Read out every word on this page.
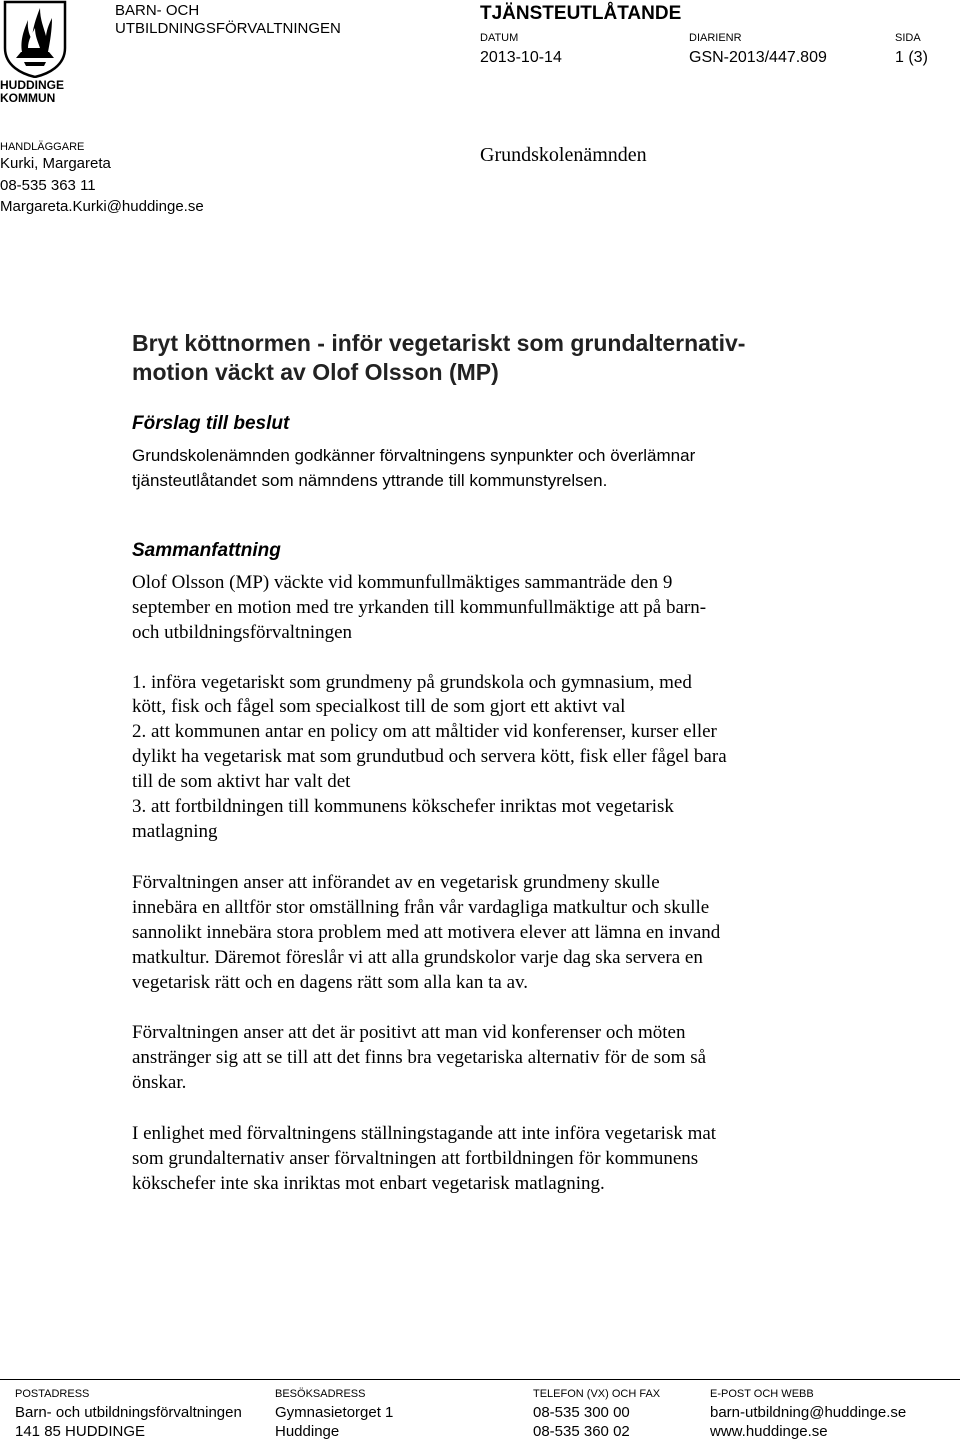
HUDDINGE
KOMMUN
BARN- OCH
UTBILDNINGSFÖRVALTNINGEN
TJÄNSTEUTLÅTANDE
DATUM
2013-10-14
DIARIENR
GSN-2013/447.809
SIDA
1 (3)
HANDLÄGGARE
Kurki, Margareta
08-535 363 11
Margareta.Kurki@huddinge.se
Grundskolenämnden
Bryt köttnormen - inför vegetariskt som grundalternativ-
motion väckt av Olof Olsson (MP)
Förslag till beslut
Grundskolenämnden godkänner förvaltningens synpunkter och överlämnar
tjänsteutlåtandet som nämndens yttrande till kommunstyrelsen.
Sammanfattning
Olof Olsson (MP) väckte vid kommunfullmäktiges sammanträde den 9
september en motion med tre yrkanden till kommunfullmäktige att på barn-
och utbildningsförvaltningen
1. införa vegetariskt som grundmeny på grundskola och gymnasium, med
kött, fisk och fågel som specialkost till de som gjort ett aktivt val
2. att kommunen antar en policy om att måltider vid konferenser, kurser eller
dylikt ha vegetarisk mat som grundutbud och servera kött, fisk eller fågel bara
till de som aktivt har valt det
3. att fortbildningen till kommunens kökschefer inriktas mot vegetarisk
matlagning
Förvaltningen anser att införandet av en vegetarisk grundmeny skulle
innebära en alltför stor omställning från vår vardagliga matkultur och skulle
sannolikt innebära stora problem med att motivera elever att lämna en invand
matkultur. Däremot föreslår vi att alla grundskolor varje dag ska servera en
vegetarisk rätt och en dagens rätt som alla kan ta av.
Förvaltningen anser att det är positivt att man vid konferenser och möten
anstränger sig att se till att det finns bra vegetariska alternativ för de som så
önskar.
I enlighet med förvaltningens ställningstagande att inte införa vegetarisk mat
som grundalternativ anser förvaltningen att fortbildningen för kommunens
kökschefer inte ska inriktas mot enbart vegetarisk matlagning.
POSTADRESS
Barn- och utbildningsförvaltningen
141 85 HUDDINGE
BESÖKSADRESS
Gymnasietorget 1
Huddinge
TELEFON (VX) OCH FAX
08-535 300 00
08-535 360 02
E-POST OCH WEBB
barn-utbildning@huddinge.se
www.huddinge.se
